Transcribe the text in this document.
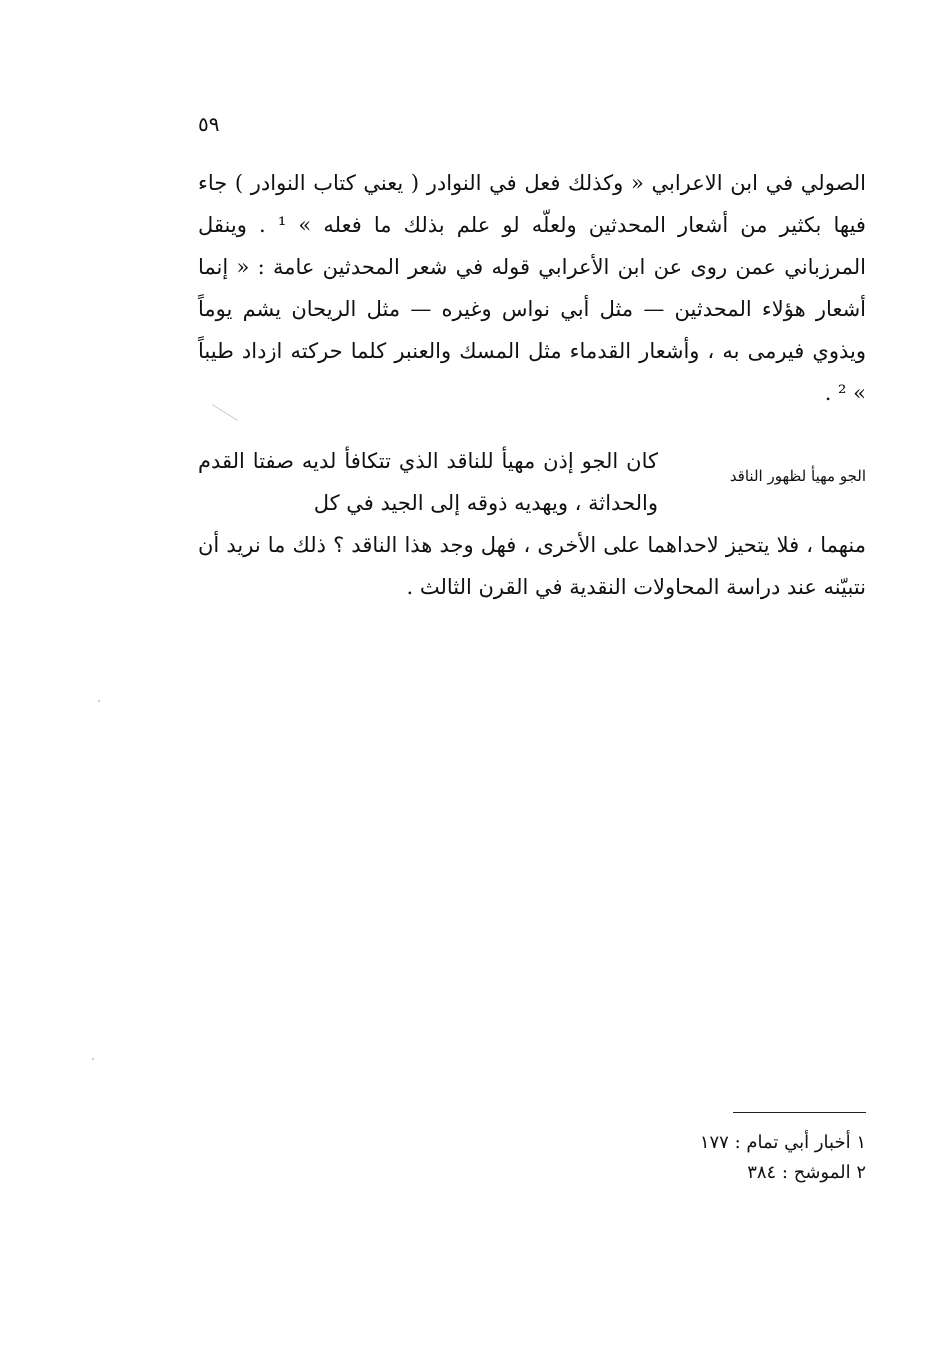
٥٩

الصولي في ابن الاعرابي « وكذلك فعل في النوادر ( يعني كتاب النوادر ) جاء فيها بكثير من أشعار المحدثين ولعلّه لو علم بذلك ما فعله » ¹ . وينقل المرزباني عمن روى عن ابن الأعرابي قوله في شعر المحدثين عامة : « إنما أشعار هؤلاء المحدثين — مثل أبي نواس وغيره — مثل الريحان يشم يوماً ويذوي فيرمى به ، وأشعار القدماء مثل المسك والعنبر كلما حركته ازداد طيباً » ² .

الجو مهيأ لظهور الناقد

كان الجو إذن مهيأ للناقد الذي تتكافأ لديه صفتا القدم والحداثة ، ويهديه ذوقه إلى الجيد في كل

منهما ، فلا يتحيز لاحداهما على الأخرى ، فهل وجد هذا الناقد ؟ ذلك ما نريد أن نتبيّنه عند دراسة المحاولات النقدية في القرن الثالث .

١ أخبار أبي تمام : ١٧٧
٢ الموشح : ٣٨٤
